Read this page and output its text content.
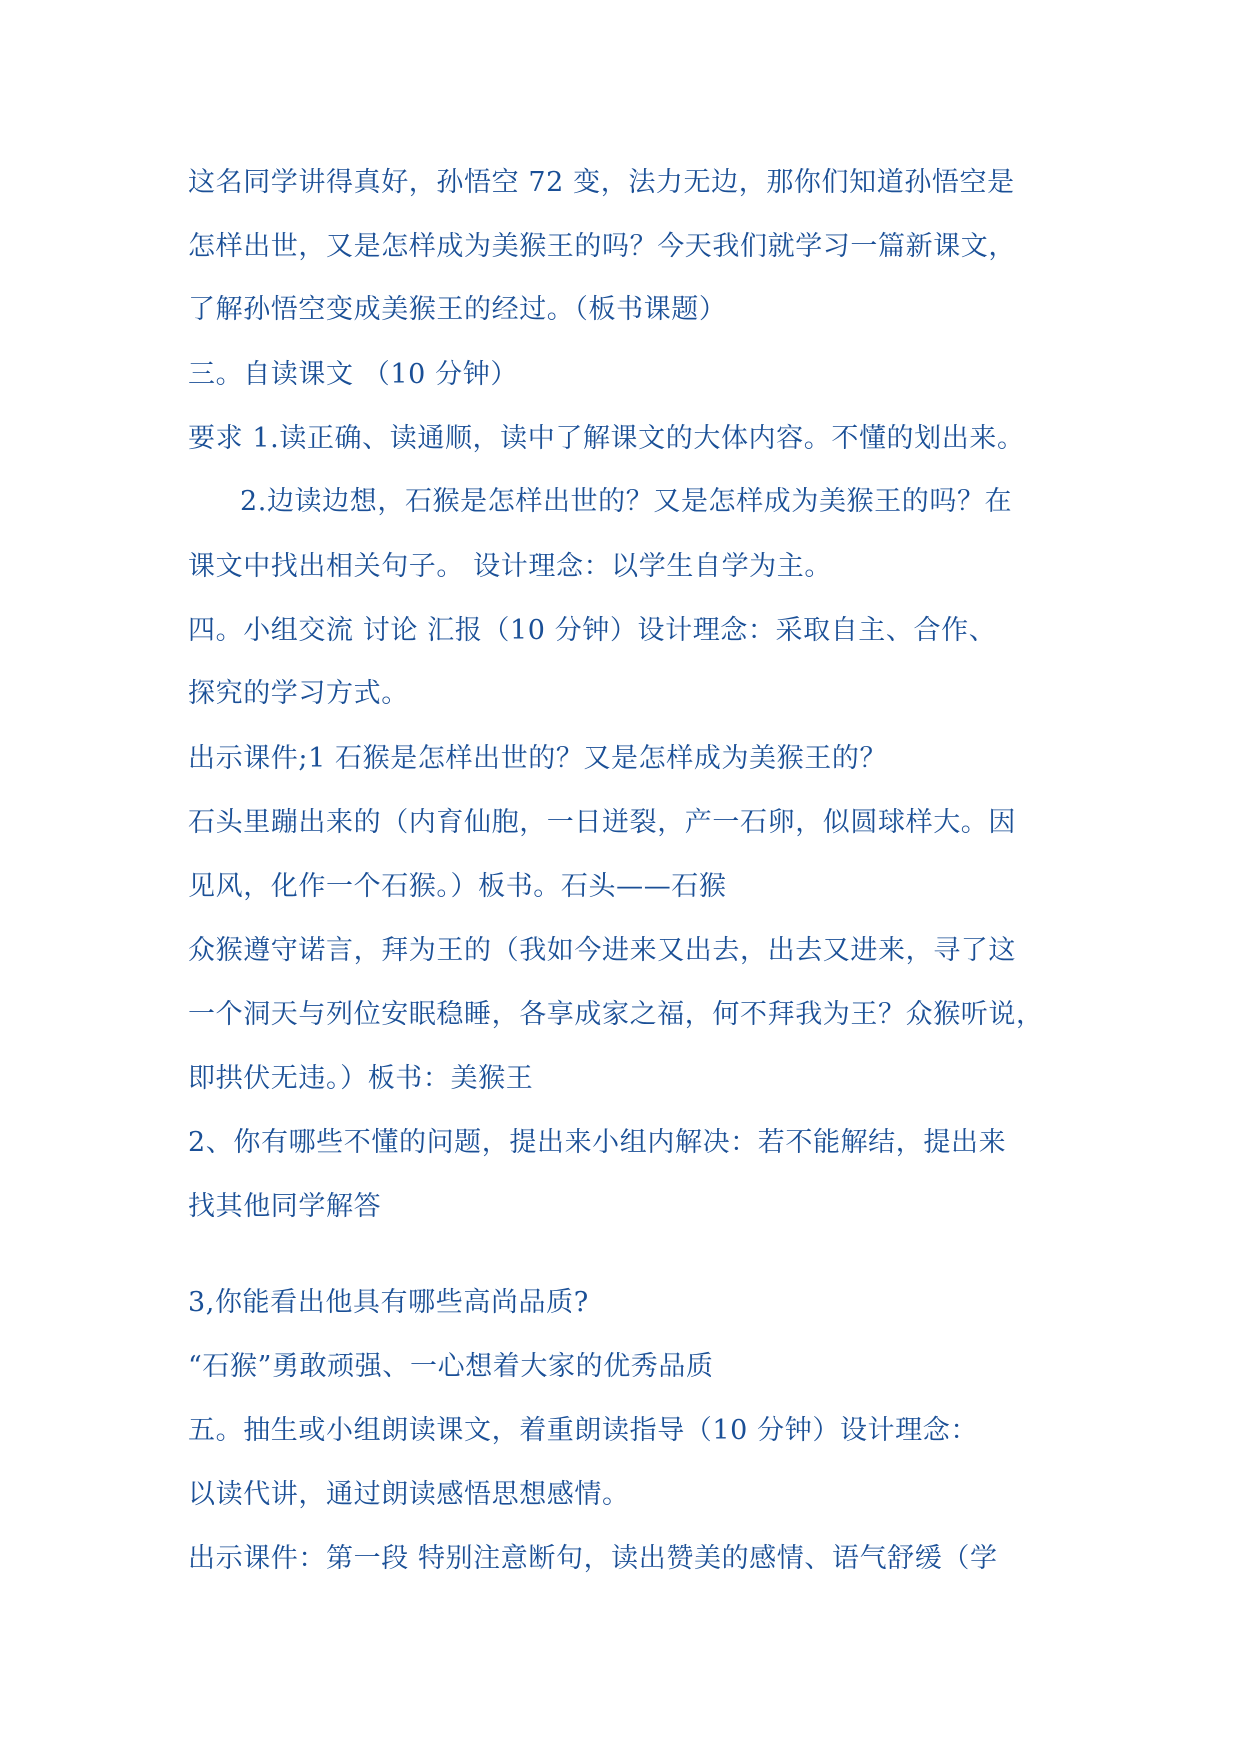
这名同学讲得真好，孙悟空 72 变，法力无边，那你们知道孙悟空是
怎样出世，又是怎样成为美猴王的吗？今天我们就学习一篇新课文，
了解孙悟空变成美猴王的经过。（板书课题）
三。自读课文 （10 分钟）
要求 1.读正确、读通顺，读中了解课文的大体内容。不懂的划出来。
2.边读边想，石猴是怎样出世的？又是怎样成为美猴王的吗？在
课文中找出相关句子。 设计理念：以学生自学为主。
四。小组交流 讨论 汇报（10 分钟）设计理念：采取自主、合作、
探究的学习方式。
出示课件;1 石猴是怎样出世的？又是怎样成为美猴王的？
石头里蹦出来的（内育仙胞，一日迸裂，产一石卵，似圆球样大。因
见风，化作一个石猴。）板书。石头——石猴
众猴遵守诺言，拜为王的（我如今进来又出去，出去又进来，寻了这
一个洞天与列位安眠稳睡，各享成家之福，何不拜我为王？众猴听说，
即拱伏无违。）板书：美猴王
2、你有哪些不懂的问题，提出来小组内解决：若不能解结，提出来
找其他同学解答
3,你能看出他具有哪些高尚品质?
“石猴”勇敢顽强、一心想着大家的优秀品质
五。抽生或小组朗读课文，着重朗读指导（10 分钟）设计理念：
以读代讲，通过朗读感悟思想感情。
出示课件：第一段 特别注意断句，读出赞美的感情、语气舒缓（学
